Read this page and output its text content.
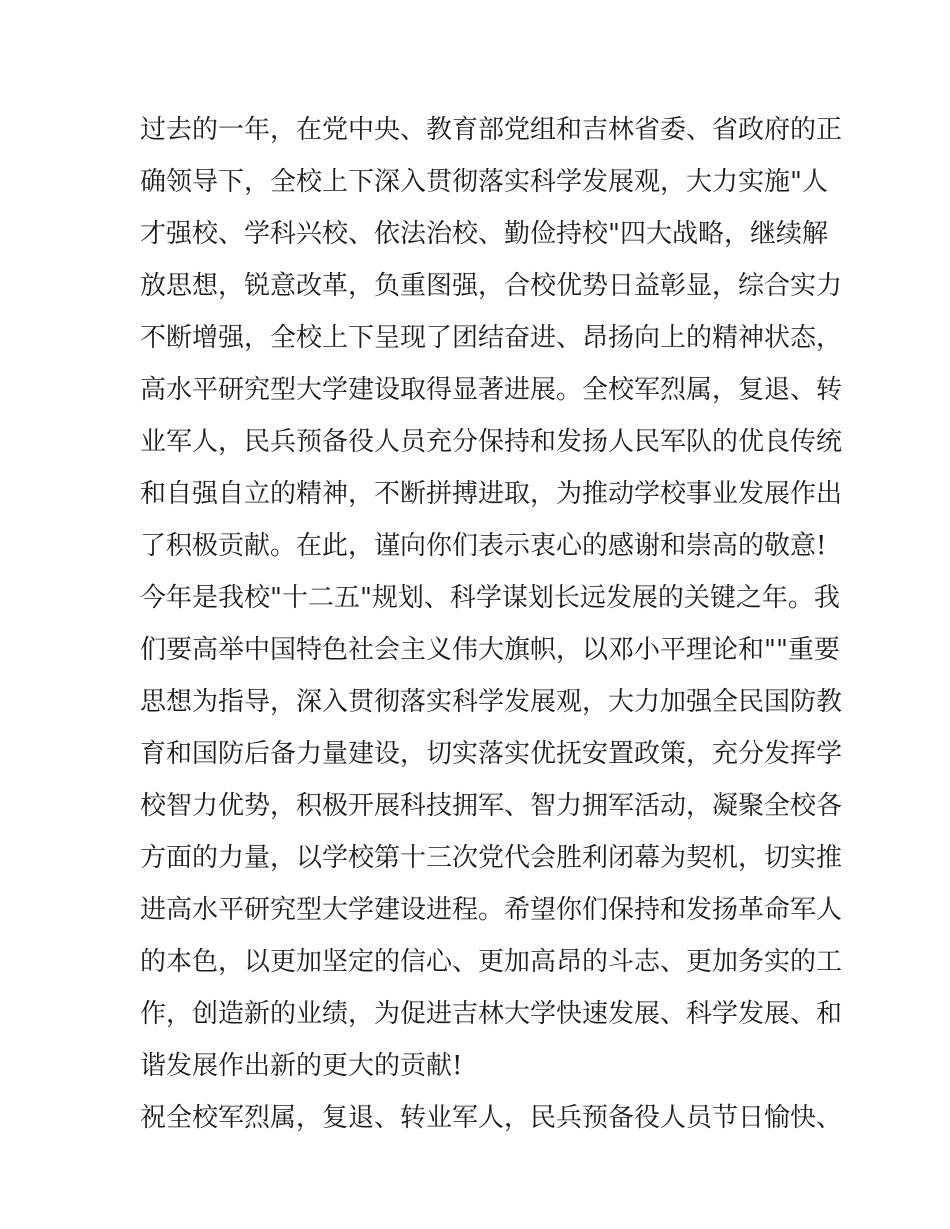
过去的一年，在党中央、教育部党组和吉林省委、省政府的正
确领导下，全校上下深入贯彻落实科学发展观，大力实施"人
才强校、学科兴校、依法治校、勤俭持校"四大战略，继续解
放思想，锐意改革，负重图强，合校优势日益彰显，综合实力
不断增强，全校上下呈现了团结奋进、昂扬向上的精神状态，
高水平研究型大学建设取得显著进展。全校军烈属，复退、转
业军人，民兵预备役人员充分保持和发扬人民军队的优良传统
和自强自立的精神，不断拼搏进取，为推动学校事业发展作出
了积极贡献。在此，谨向你们表示衷心的感谢和崇高的敬意!
今年是我校"十二五"规划、科学谋划长远发展的关键之年。我
们要高举中国特色社会主义伟大旗帜，以邓小平理论和""重要
思想为指导，深入贯彻落实科学发展观，大力加强全民国防教
育和国防后备力量建设，切实落实优抚安置政策，充分发挥学
校智力优势，积极开展科技拥军、智力拥军活动，凝聚全校各
方面的力量，以学校第十三次党代会胜利闭幕为契机，切实推
进高水平研究型大学建设进程。希望你们保持和发扬革命军人
的本色，以更加坚定的信心、更加高昂的斗志、更加务实的工
作，创造新的业绩，为促进吉林大学快速发展、科学发展、和
谐发展作出新的更大的贡献!
祝全校军烈属，复退、转业军人，民兵预备役人员节日愉快、
